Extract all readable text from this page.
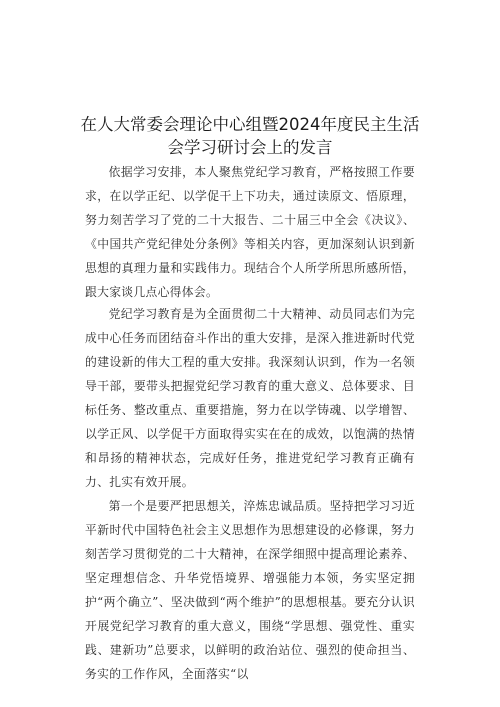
在人大常委会理论中心组暨2024年度民主生活
会学习研讨会上的发言

依据学习安排，本人聚焦党纪学习教育，严格按照工作要求，在以学正纪、以学促干上下功夫，通过读原文、悟原理，努力刻苦学习了党的二十大报告、二十届三中全会《决议》、《中国共产党纪律处分条例》等相关内容，更加深刻认识到新思想的真理力量和实践伟力。现结合个人所学所思所感所悟，跟大家谈几点心得体会。

党纪学习教育是为全面贯彻二十大精神、动员同志们为完成中心任务而团结奋斗作出的重大安排，是深入推进新时代党的建设新的伟大工程的重大安排。我深刻认识到，作为一名领导干部，要带头把握党纪学习教育的重大意义、总体要求、目标任务、整改重点、重要措施，努力在以学铸魂、以学增智、以学正风、以学促干方面取得实实在在的成效，以饱满的热情和昂扬的精神状态，完成好任务，推进党纪学习教育正确有力、扎实有效开展。

第一个是要严把思想关，淬炼忠诚品质。坚持把学习习近平新时代中国特色社会主义思想作为思想建设的必修课，努力刻苦学习贯彻党的二十大精神，在深学细照中提高理论素养、坚定理想信念、升华党悟境界、增强能力本领，务实坚定拥护“两个确立”、坚决做到“两个维护”的思想根基。要充分认识开展党纪学习教育的重大意义，围绕“学思想、强党性、重实践、建新功”总要求，以鲜明的政治站位、强烈的使命担当、务实的工作作风，全面落实“以
